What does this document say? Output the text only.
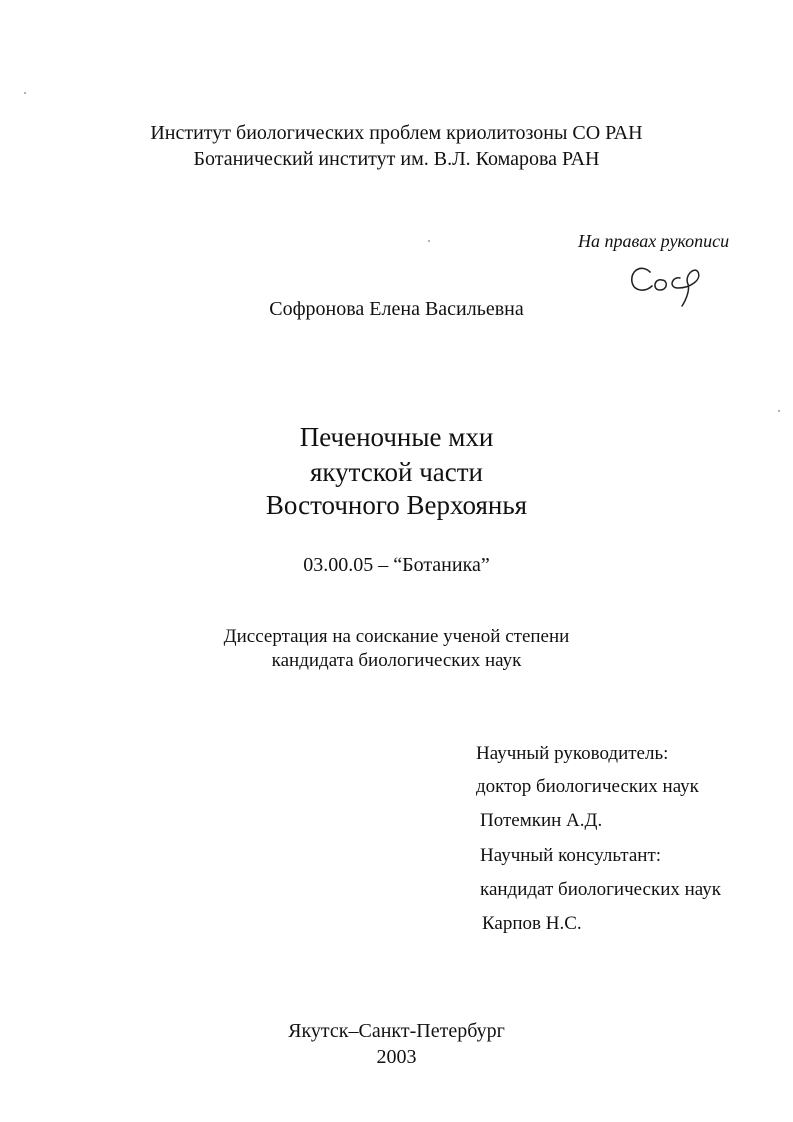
Институт биологических проблем криолитозоны СО РАН
Ботанический институт им. В.Л. Комарова РАН
На правах рукописи
Софронова Елена Васильевна
Печеночные мхи
якутской части
Восточного Верхоянья
03.00.05 – “Ботаника”
Диссертация на соискание ученой степени
кандидата биологических наук
Научный руководитель:
доктор биологических наук
Потемкин А.Д.
Научный консультант:
кандидат биологических наук
Карпов Н.С.
Якутск–Санкт-Петербург
2003
